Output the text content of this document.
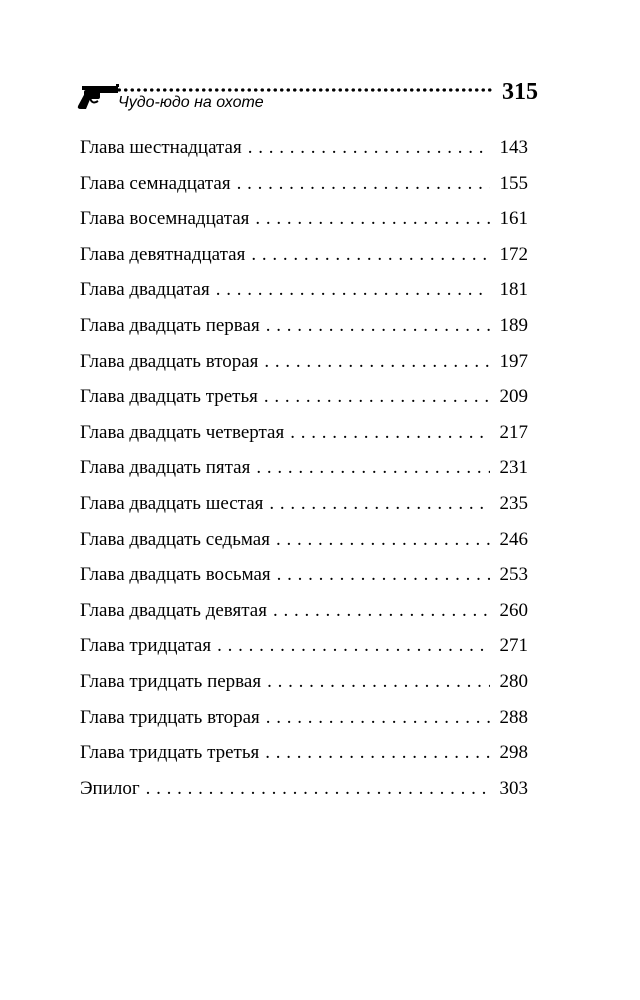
Чудо-юдо на охоте	315
Глава шестнадцатая . . .	143
Глава семнадцатая . . .	155
Глава восемнадцатая . . .	161
Глава девятнадцатая . . .	172
Глава двадцатая . . .	181
Глава двадцать первая . . .	189
Глава двадцать вторая . . .	197
Глава двадцать третья . . .	209
Глава двадцать четвертая . . .	217
Глава двадцать пятая . . .	231
Глава двадцать шестая . . .	235
Глава двадцать седьмая . . .	246
Глава двадцать восьмая . . .	253
Глава двадцать девятая . . .	260
Глава тридцатая . . .	271
Глава тридцать первая . . .	280
Глава тридцать вторая . . .	288
Глава тридцать третья . . .	298
Эпилог . . .	303
